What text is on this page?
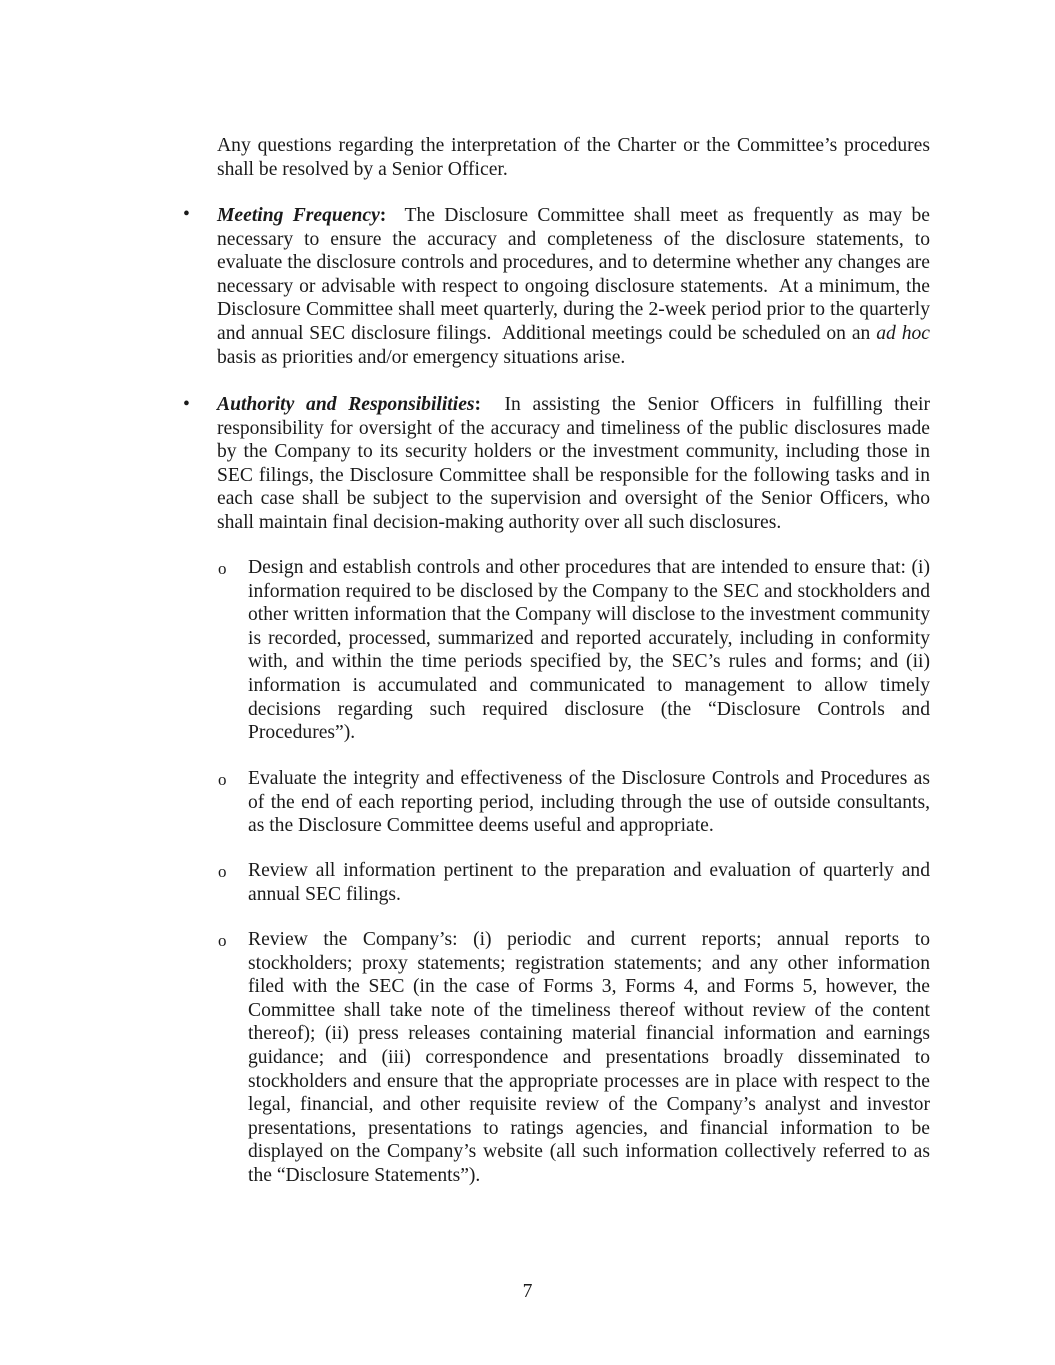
Any questions regarding the interpretation of the Charter or the Committee’s procedures shall be resolved by a Senior Officer.

•	Meeting Frequency:  The Disclosure Committee shall meet as frequently as may be necessary to ensure the accuracy and completeness of the disclosure statements, to evaluate the disclosure controls and procedures, and to determine whether any changes are necessary or advisable with respect to ongoing disclosure statements.  At a minimum, the Disclosure Committee shall meet quarterly, during the 2-week period prior to the quarterly and annual SEC disclosure filings.  Additional meetings could be scheduled on an ad hoc basis as priorities and/or emergency situations arise.

•	Authority and Responsibilities:  In assisting the Senior Officers in fulfilling their responsibility for oversight of the accuracy and timeliness of the public disclosures made by the Company to its security holders or the investment community, including those in SEC filings, the Disclosure Committee shall be responsible for the following tasks and in each case shall be subject to the supervision and oversight of the Senior Officers, who shall maintain final decision-making authority over all such disclosures.

o Design and establish controls and other procedures that are intended to ensure that: (i) information required to be disclosed by the Company to the SEC and stockholders and other written information that the Company will disclose to the investment community is recorded, processed, summarized and reported accurately, including in conformity with, and within the time periods specified by, the SEC’s rules and forms; and (ii) information is accumulated and communicated to management to allow timely decisions regarding such required disclosure (the “Disclosure Controls and Procedures”).

o Evaluate the integrity and effectiveness of the Disclosure Controls and Procedures as of the end of each reporting period, including through the use of outside consultants, as the Disclosure Committee deems useful and appropriate.

o Review all information pertinent to the preparation and evaluation of quarterly and annual SEC filings.

o Review the Company’s: (i) periodic and current reports; annual reports to stockholders; proxy statements; registration statements; and any other information filed with the SEC (in the case of Forms 3, Forms 4, and Forms 5, however, the Committee shall take note of the timeliness thereof without review of the content thereof); (ii) press releases containing material financial information and earnings guidance; and (iii) correspondence and presentations broadly disseminated to stockholders and ensure that the appropriate processes are in place with respect to the legal, financial, and other requisite review of the Company’s analyst and investor presentations, presentations to ratings agencies, and financial information to be displayed on the Company’s website (all such information collectively referred to as the “Disclosure Statements”).

7
